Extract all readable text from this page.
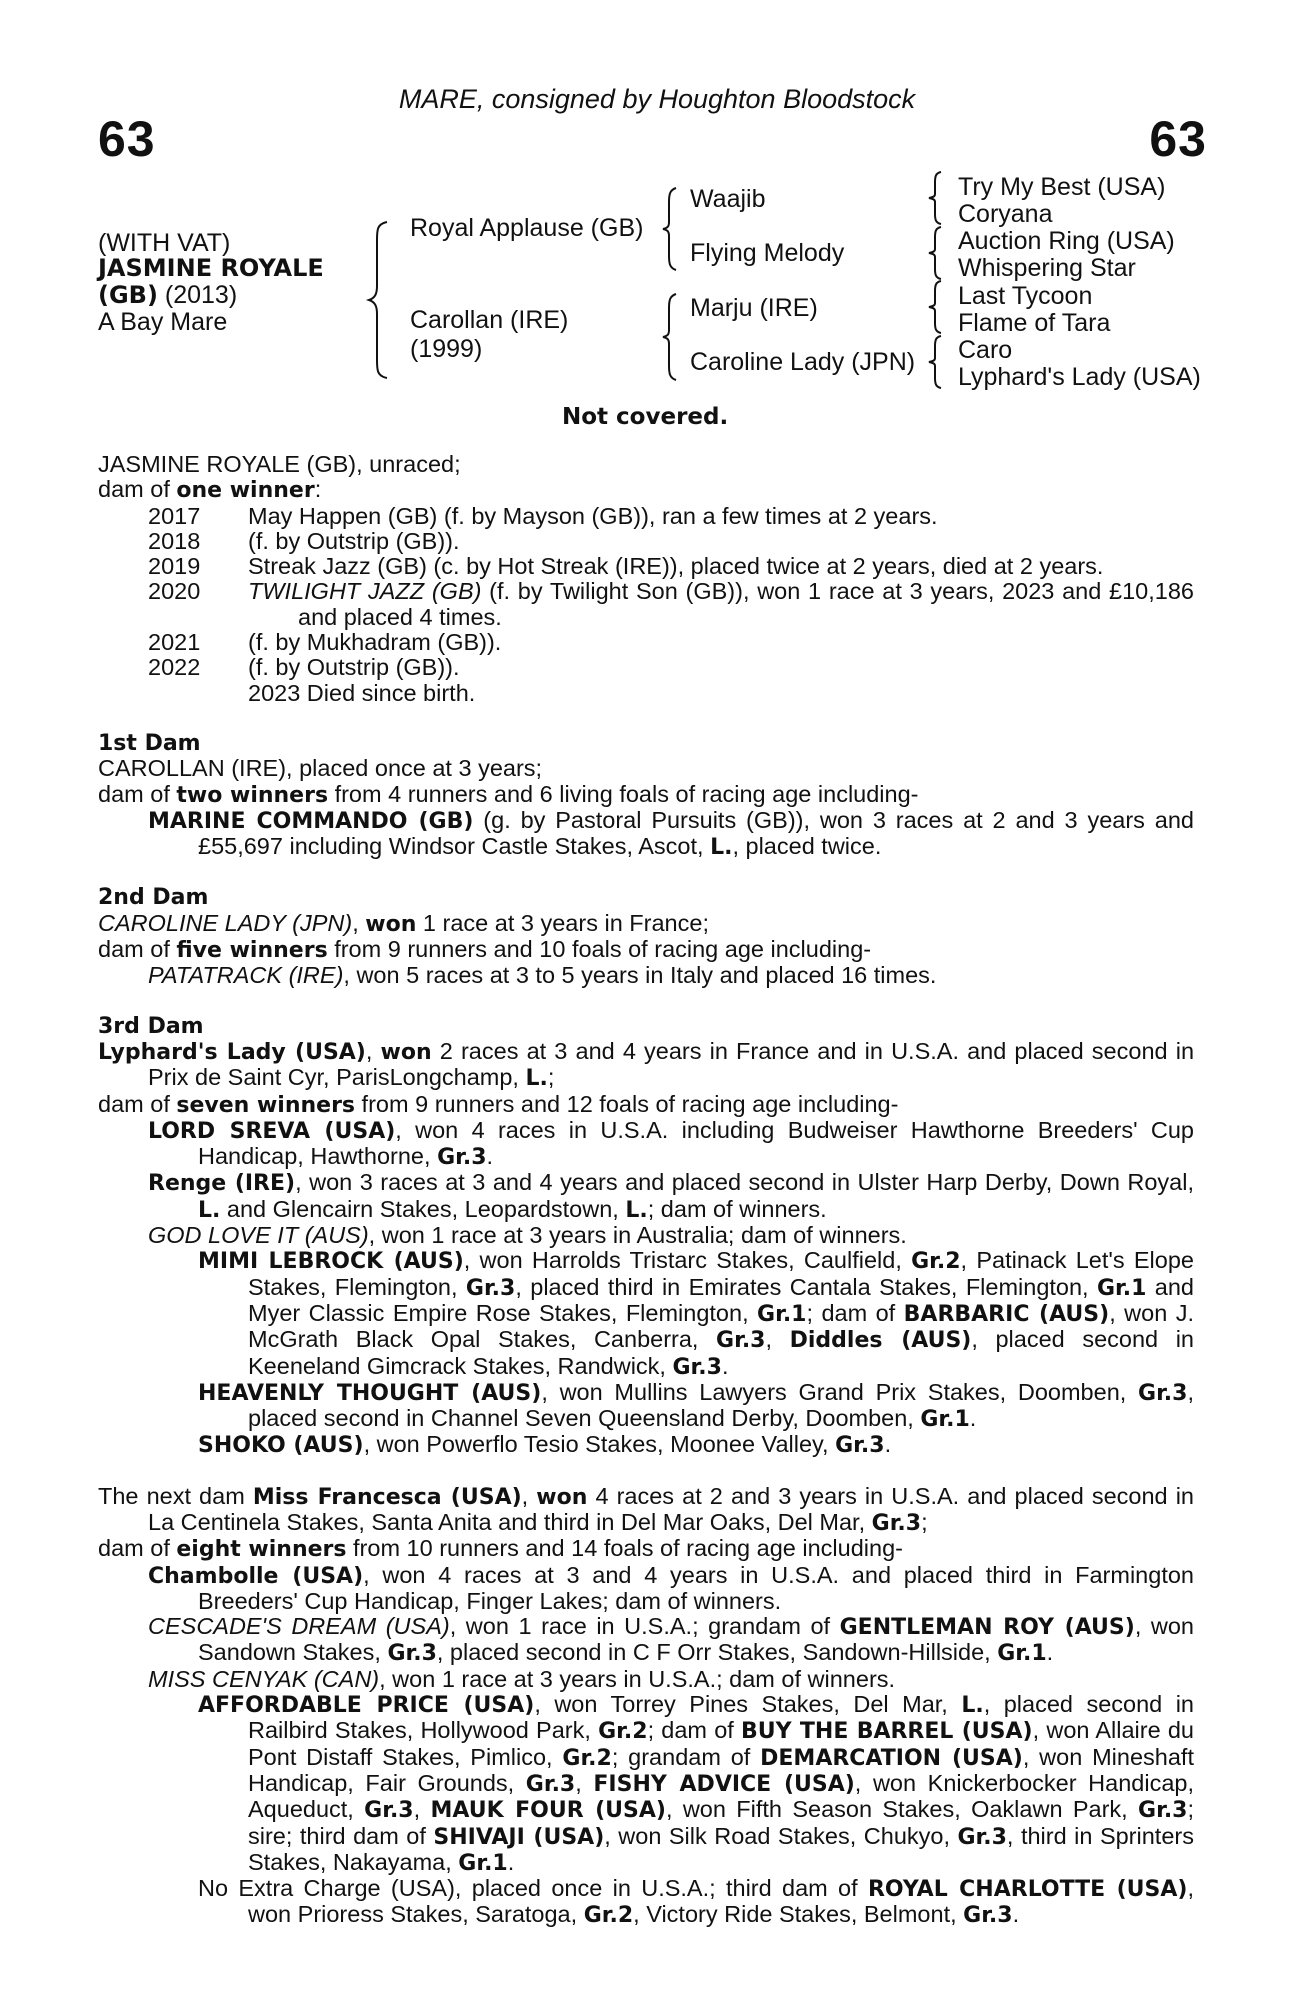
63
MARE, consigned by Houghton Bloodstock
63
(WITH VAT)
JASMINE ROYALE
(GB) (2013)
A Bay Mare
Royal Applause (GB)
Carollan (IRE)
(1999)
Waajib
Flying Melody
Marju (IRE)
Caroline Lady (JPN)
Try My Best (USA)
Coryana
Auction Ring (USA)
Whispering Star
Last Tycoon
Flame of Tara
Caro
Lyphard's Lady (USA)
Not covered.

JASMINE ROYALE (GB), unraced;

dam of one winner:

2017	May Happen (GB) (f. by Mayson (GB)), ran a few times at 2 years.
2018	(f. by Outstrip (GB)).
2019	Streak Jazz (GB) (c. by Hot Streak (IRE)), placed twice at 2 years, died at 2 years.
2020	TWILIGHT JAZZ (GB) (f. by Twilight Son (GB)), won 1 race at 3 years, 2023 and £10,186 and placed 4 times.
2021	(f. by Mukhadram (GB)).
2022	(f. by Outstrip (GB)).
2023 Died since birth.

1st Dam

CAROLLAN (IRE), placed once at 3 years;

dam of two winners from 4 runners and 6 living foals of racing age including-

MARINE COMMANDO (GB) (g. by Pastoral Pursuits (GB)), won 3 races at 2 and 3 years and £55,697 including Windsor Castle Stakes, Ascot, L., placed twice.

2nd Dam

CAROLINE LADY (JPN), won 1 race at 3 years in France;

dam of five winners from 9 runners and 10 foals of racing age including-

PATATRACK (IRE), won 5 races at 3 to 5 years in Italy and placed 16 times.

3rd Dam

Lyphard's Lady (USA), won 2 races at 3 and 4 years in France and in U.S.A. and placed second in Prix de Saint Cyr, ParisLongchamp, L.;

dam of seven winners from 9 runners and 12 foals of racing age including-

LORD SREVA (USA), won 4 races in U.S.A. including Budweiser Hawthorne Breeders' Cup Handicap, Hawthorne, Gr.3.

Renge (IRE), won 3 races at 3 and 4 years and placed second in Ulster Harp Derby, Down Royal, L. and Glencairn Stakes, Leopardstown, L.; dam of winners.

GOD LOVE IT (AUS), won 1 race at 3 years in Australia; dam of winners.

MIMI LEBROCK (AUS), won Harrolds Tristarc Stakes, Caulfield, Gr.2, Patinack Let's Elope Stakes, Flemington, Gr.3, placed third in Emirates Cantala Stakes, Flemington, Gr.1 and Myer Classic Empire Rose Stakes, Flemington, Gr.1; dam of BARBARIC (AUS), won J. McGrath Black Opal Stakes, Canberra, Gr.3, Diddles (AUS), placed second in Keeneland Gimcrack Stakes, Randwick, Gr.3.

HEAVENLY THOUGHT (AUS), won Mullins Lawyers Grand Prix Stakes, Doomben, Gr.3, placed second in Channel Seven Queensland Derby, Doomben, Gr.1.

SHOKO (AUS), won Powerflo Tesio Stakes, Moonee Valley, Gr.3.

The next dam Miss Francesca (USA), won 4 races at 2 and 3 years in U.S.A. and placed second in La Centinela Stakes, Santa Anita and third in Del Mar Oaks, Del Mar, Gr.3;

dam of eight winners from 10 runners and 14 foals of racing age including-

Chambolle (USA), won 4 races at 3 and 4 years in U.S.A. and placed third in Farmington Breeders' Cup Handicap, Finger Lakes; dam of winners.

CESCADE'S DREAM (USA), won 1 race in U.S.A.; grandam of GENTLEMAN ROY (AUS), won Sandown Stakes, Gr.3, placed second in C F Orr Stakes, Sandown-Hillside, Gr.1.

MISS CENYAK (CAN), won 1 race at 3 years in U.S.A.; dam of winners.

AFFORDABLE PRICE (USA), won Torrey Pines Stakes, Del Mar, L., placed second in Railbird Stakes, Hollywood Park, Gr.2; dam of BUY THE BARREL (USA), won Allaire du Pont Distaff Stakes, Pimlico, Gr.2; grandam of DEMARCATION (USA), won Mineshaft Handicap, Fair Grounds, Gr.3, FISHY ADVICE (USA), won Knickerbocker Handicap, Aqueduct, Gr.3, MAUK FOUR (USA), won Fifth Season Stakes, Oaklawn Park, Gr.3; sire; third dam of SHIVAJI (USA), won Silk Road Stakes, Chukyo, Gr.3, third in Sprinters Stakes, Nakayama, Gr.1.

No Extra Charge (USA), placed once in U.S.A.; third dam of ROYAL CHARLOTTE (USA), won Prioress Stakes, Saratoga, Gr.2, Victory Ride Stakes, Belmont, Gr.3.
